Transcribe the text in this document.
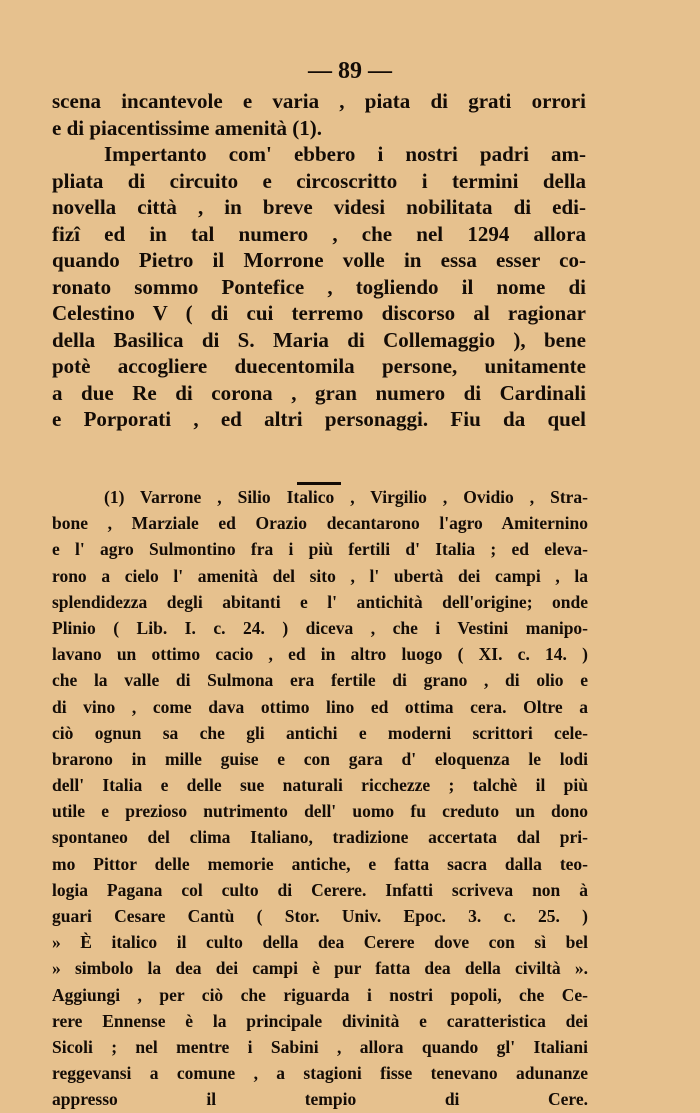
— 89 —
scena incantevole e varia , piata di grati orrori
e di piacentissime amenità (1).
Impertanto com' ebbero i nostri padri am-
pliata di circuito e circoscritto i termini della
novella città , in breve videsi nobilitata di edi-
fizî ed in tal numero , che nel 1294 allora
quando Pietro il Morrone volle in essa esser co-
ronato sommo Pontefice , togliendo il nome di
Celestino V ( di cui terremo discorso al ragionar
della Basilica di S. Maria di Collemaggio ), bene
potè accogliere duecentomila persone, unitamente
a due Re di corona , gran numero di Cardinali
e Porporati , ed altri personaggi. Fiu da quel
(1) Varrone , Silio Italico , Virgilio , Ovidio , Stra-
bone , Marziale ed Orazio decantarono l'agro Amiternino
e l' agro Sulmontino fra i più fertili d' Italia ; ed eleva-
rono a cielo l' amenità del sito , l' ubertà dei campi , la
splendidezza degli abitanti e l' antichità dell'origine; onde
Plinio ( Lib. I. c. 24. ) diceva , che i Vestini manipo-
lavano un ottimo cacio , ed in altro luogo ( XI. c. 14. )
che la valle di Sulmona era fertile di grano , di olio e
di vino , come dava ottimo lino ed ottima cera. Oltre a
ciò ognun sa che gli antichi e moderni scrittori cele-
brarono in mille guise e con gara d' eloquenza le lodi
dell' Italia e delle sue naturali ricchezze ; talchè il più
utile e prezioso nutrimento dell' uomo fu creduto un dono
spontaneo del clima Italiano, tradizione accertata dal pri-
mo Pittor delle memorie antiche, e fatta sacra dalla teo-
logia Pagana col culto di Cerere. Infatti scriveva non à
guari Cesare Cantù ( Stor. Univ. Epoc. 3. c. 25. )
» È italico il culto della dea Cerere dove con sì bel
» simbolo la dea dei campi è pur fatta dea della civiltà ».
Aggiungi , per ciò che riguarda i nostri popoli, che Ce-
rere Ennense è la principale divinità e caratteristica dei
Sicoli ; nel mentre i Sabini , allora quando gl' Italiani
reggevansi a comune , a stagioni fisse tenevano adunanze
appresso il tempio di Cere.
